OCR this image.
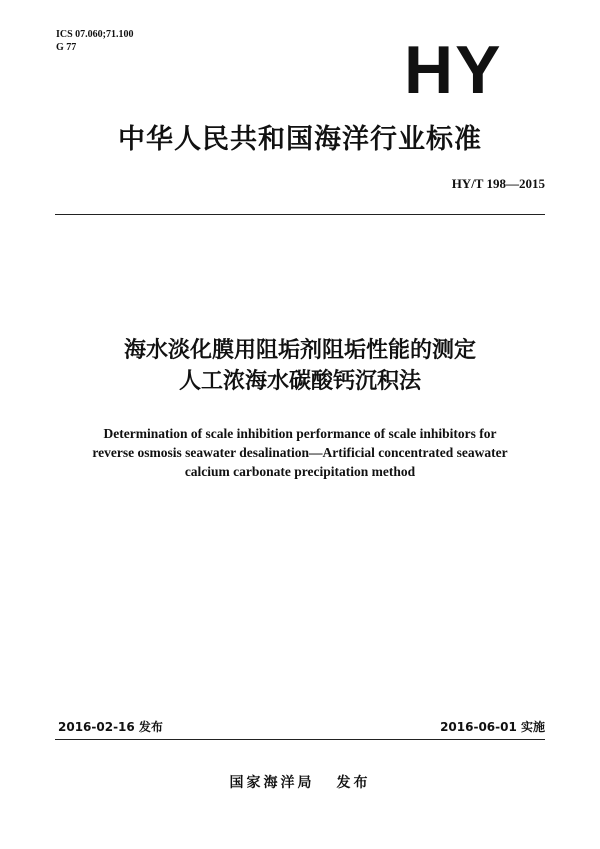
ICS 07.060;71.100
G 77	HY
中华人民共和国海洋行业标准
HY/T 198—2015
海水淡化膜用阻垢剂阻垢性能的测定
人工浓海水碳酸钙沉积法
Determination of scale inhibition performance of scale inhibitors for
reverse osmosis seawater desalination—Artificial concentrated seawater
calcium carbonate precipitation method
2016-02-16 发布	2016-06-01 实施
国家海洋局 发布
